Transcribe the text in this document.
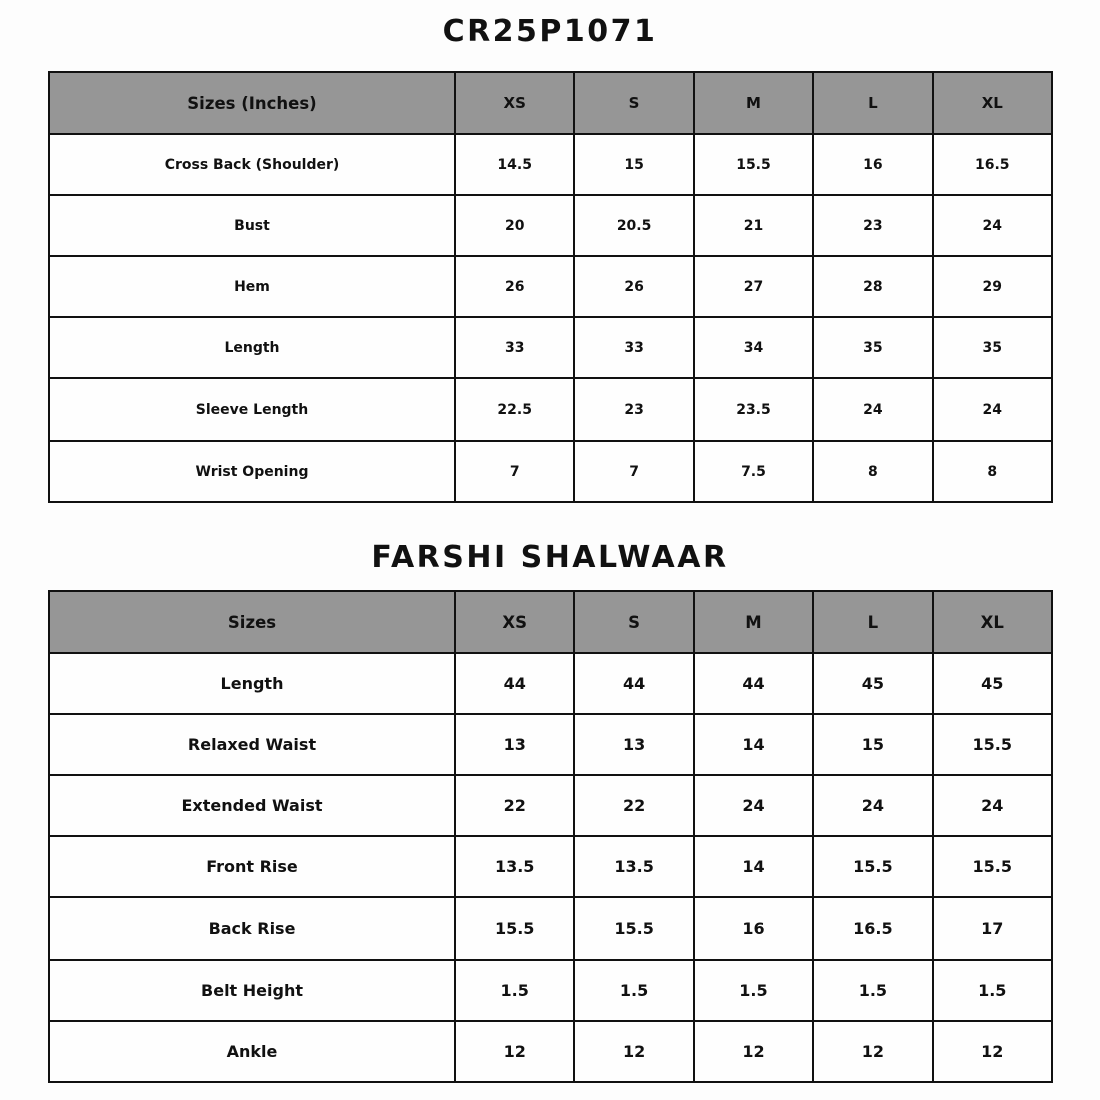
CR25P1071
Sizes (Inches)	XS	S	M	L	XL
Cross Back (Shoulder)	14.5	15	15.5	16	16.5
Bust	20	20.5	21	23	24
Hem	26	26	27	28	29
Length	33	33	34	35	35
Sleeve Length	22.5	23	23.5	24	24
Wrist Opening	7	7	7.5	8	8
FARSHI SHALWAAR
Sizes	XS	S	M	L	XL
Length	44	44	44	45	45
Relaxed Waist	13	13	14	15	15.5
Extended Waist	22	22	24	24	24
Front Rise	13.5	13.5	14	15.5	15.5
Back Rise	15.5	15.5	16	16.5	17
Belt Height	1.5	1.5	1.5	1.5	1.5
Ankle	12	12	12	12	12
